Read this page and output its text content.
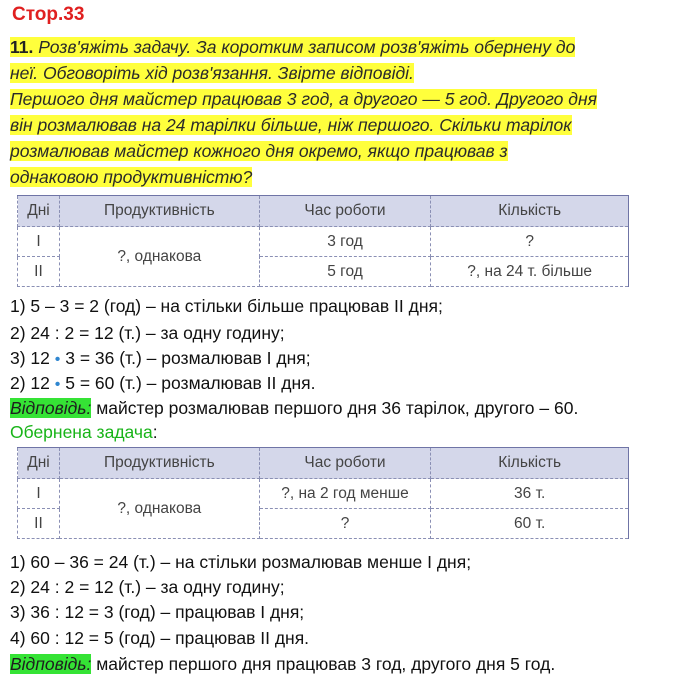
Стор.33
11. Розв'яжіть задачу. За коротким записом розв'яжіть обернену до
неї. Обговоріть хід розв'язання. Звірте відповіді.
Першого дня майстер працював 3 год, а другого — 5 год. Другого дня
він розмалював на 24 тарілки більше, ніж першого. Скільки тарілок
розмалював майстер кожного дня окремо, якщо працював з
однаковою продуктивністю?
Дні	Продуктивність	Час роботи	Кількість
I	?, однакова	3 год	?
II		5 год	?, на 24 т. більше
1) 5 – 3 = 2 (год) – на стільки більше працював II дня;
2) 24 : 2 = 12 (т.) – за одну годину;
3) 12 • 3 = 36 (т.) – розмалював I дня;
2) 12 • 5 = 60 (т.) – розмалював II дня.
Відповідь: майстер розмалював першого дня 36 тарілок, другого – 60.
Обернена задача:
Дні	Продуктивність	Час роботи	Кількість
I	?, однакова	?, на 2 год менше	36 т.
II		?	60 т.
1) 60 – 36 = 24 (т.) – на стільки розмалював менше I дня;
2) 24 : 2 = 12 (т.) – за одну годину;
3) 36 : 12 = 3 (год) – працював I дня;
4) 60 : 12 = 5 (год) – працював II дня.
Відповідь: майстер першого дня працював 3 год, другого дня 5 год.
